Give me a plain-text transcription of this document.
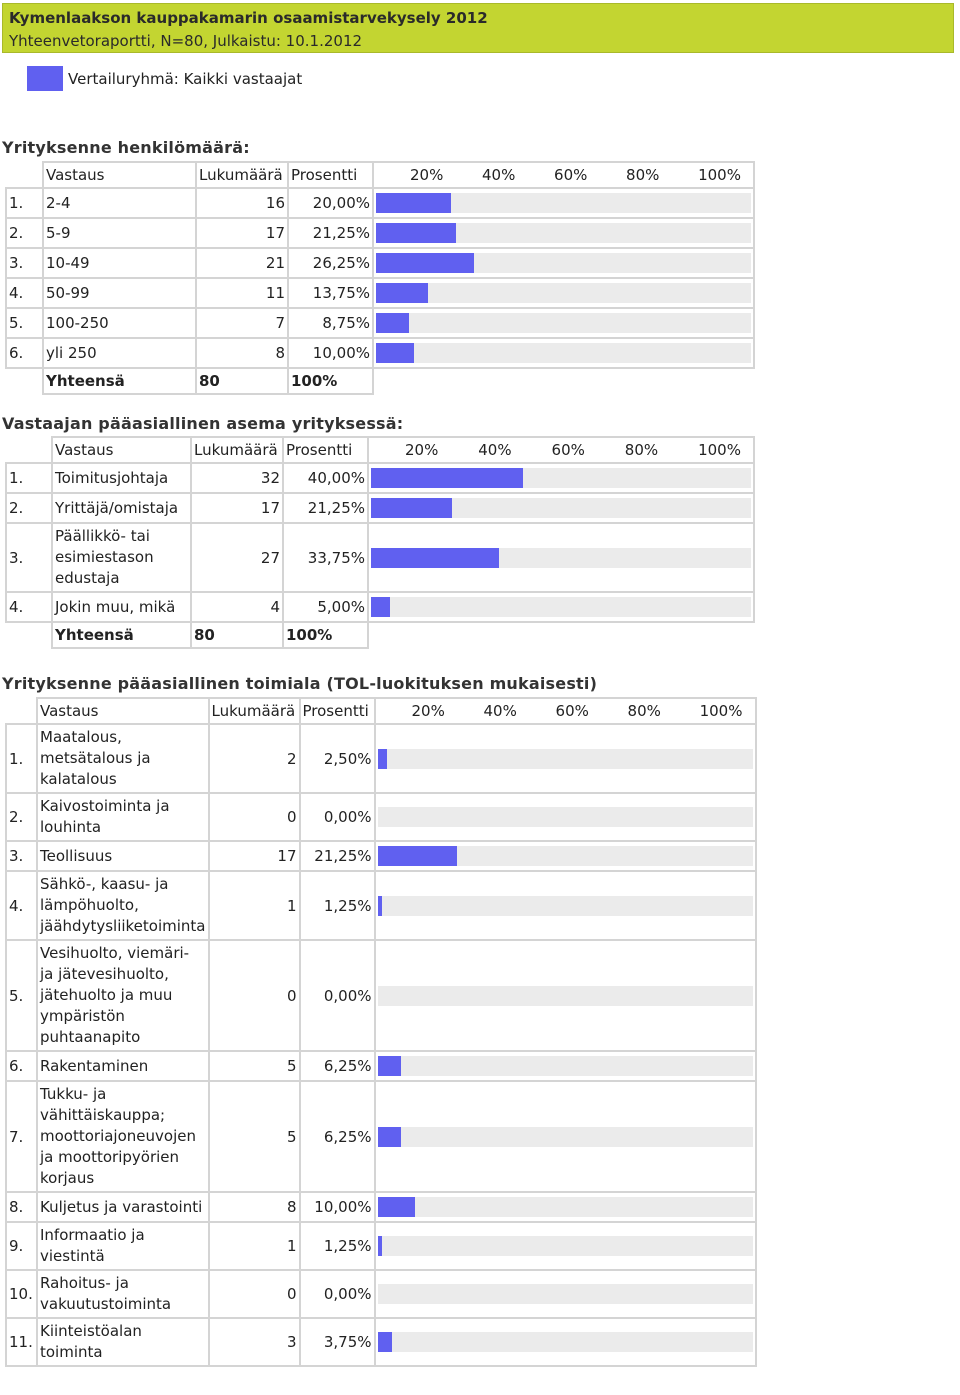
Kymenlaakson kauppakamarin osaamistarvekysely 2012
Yhteenvetoraportti, N=80, Julkaistu: 10.1.2012
Vertailuryhmä: Kaikki vastaajat
Yrityksenne henkilömäärä:
	Vastaus	Lukumäärä	Prosentti	20% 40% 60% 80% 100%

1.	2-4	16	20,00%	

2.	5-9	17	21,25%	

3.	10-49	21	26,25%	

4.	50-99	11	13,75%	

5.	100-250	7	8,75%	

6.	yli 250	8	10,00%	

	Yhteensä	80	100%	
Vastaajan pääasiallinen asema yrityksessä:
	Vastaus	Lukumäärä	Prosentti	20% 40% 60% 80% 100%

1.	Toimitusjohtaja	32	40,00%	

2.	Yrittäjä/omistaja	17	21,25%	

3.	Päällikkö- tai esimiestason edustaja	27	33,75%	

4.	Jokin muu, mikä	4	5,00%	

	Yhteensä	80	100%	
Yrityksenne pääasiallinen toimiala (TOL-luokituksen mukaisesti)
	Vastaus	Lukumäärä	Prosentti	20% 40% 60% 80% 100%

1.	Maatalous, metsätalous ja kalatalous	2	2,50%	

2.	Kaivostoiminta ja louhinta	0	0,00%	

3.	Teollisuus	17	21,25%	

4.	Sähkö-, kaasu- ja lämpöhuolto, jäähdytysliiketoiminta	1	1,25%	

5.	Vesihuolto, viemäri- ja jätevesihuolto, jätehuolto ja muu ympäristön puhtaanapito	0	0,00%	

6.	Rakentaminen	5	6,25%	

7.	Tukku- ja vähittäiskauppa; moottoriajoneuvojen ja moottoripyörien korjaus	5	6,25%	

8.	Kuljetus ja varastointi	8	10,00%	

9.	Informaatio ja viestintä	1	1,25%	

10.	Rahoitus- ja vakuutustoiminta	0	0,00%	

11.	Kiinteistöalan toiminta	3	3,75%	
